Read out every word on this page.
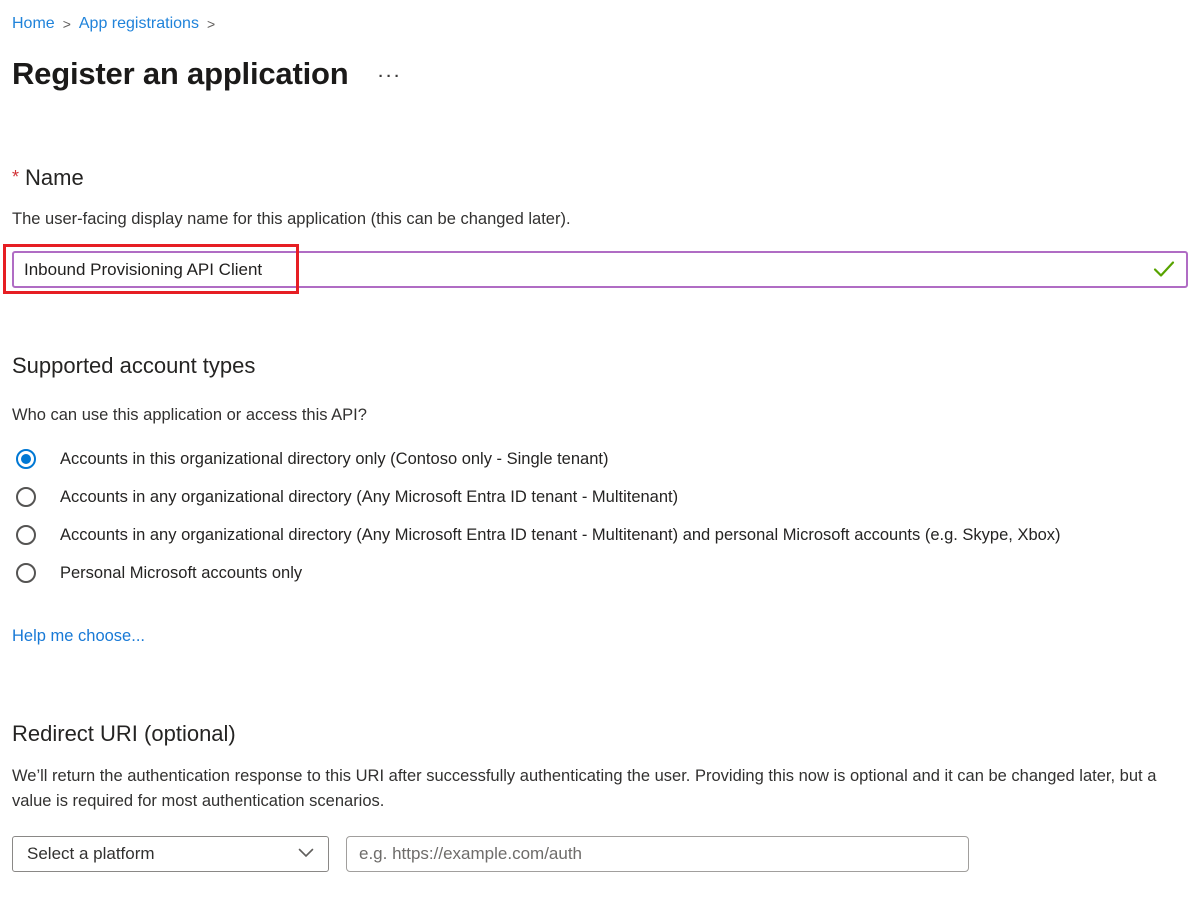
Home > App registrations >
Register an application ···
* Name
The user-facing display name for this application (this can be changed later).
Inbound Provisioning API Client
Supported account types
Who can use this application or access this API?
Accounts in this organizational directory only (Contoso only - Single tenant)
Accounts in any organizational directory (Any Microsoft Entra ID tenant - Multitenant)
Accounts in any organizational directory (Any Microsoft Entra ID tenant - Multitenant) and personal Microsoft accounts (e.g. Skype, Xbox)
Personal Microsoft accounts only
Help me choose...
Redirect URI (optional)
We’ll return the authentication response to this URI after successfully authenticating the user. Providing this now is optional and it can be changed later, but a value is required for most authentication scenarios.
Select a platform
e.g. https://example.com/auth
